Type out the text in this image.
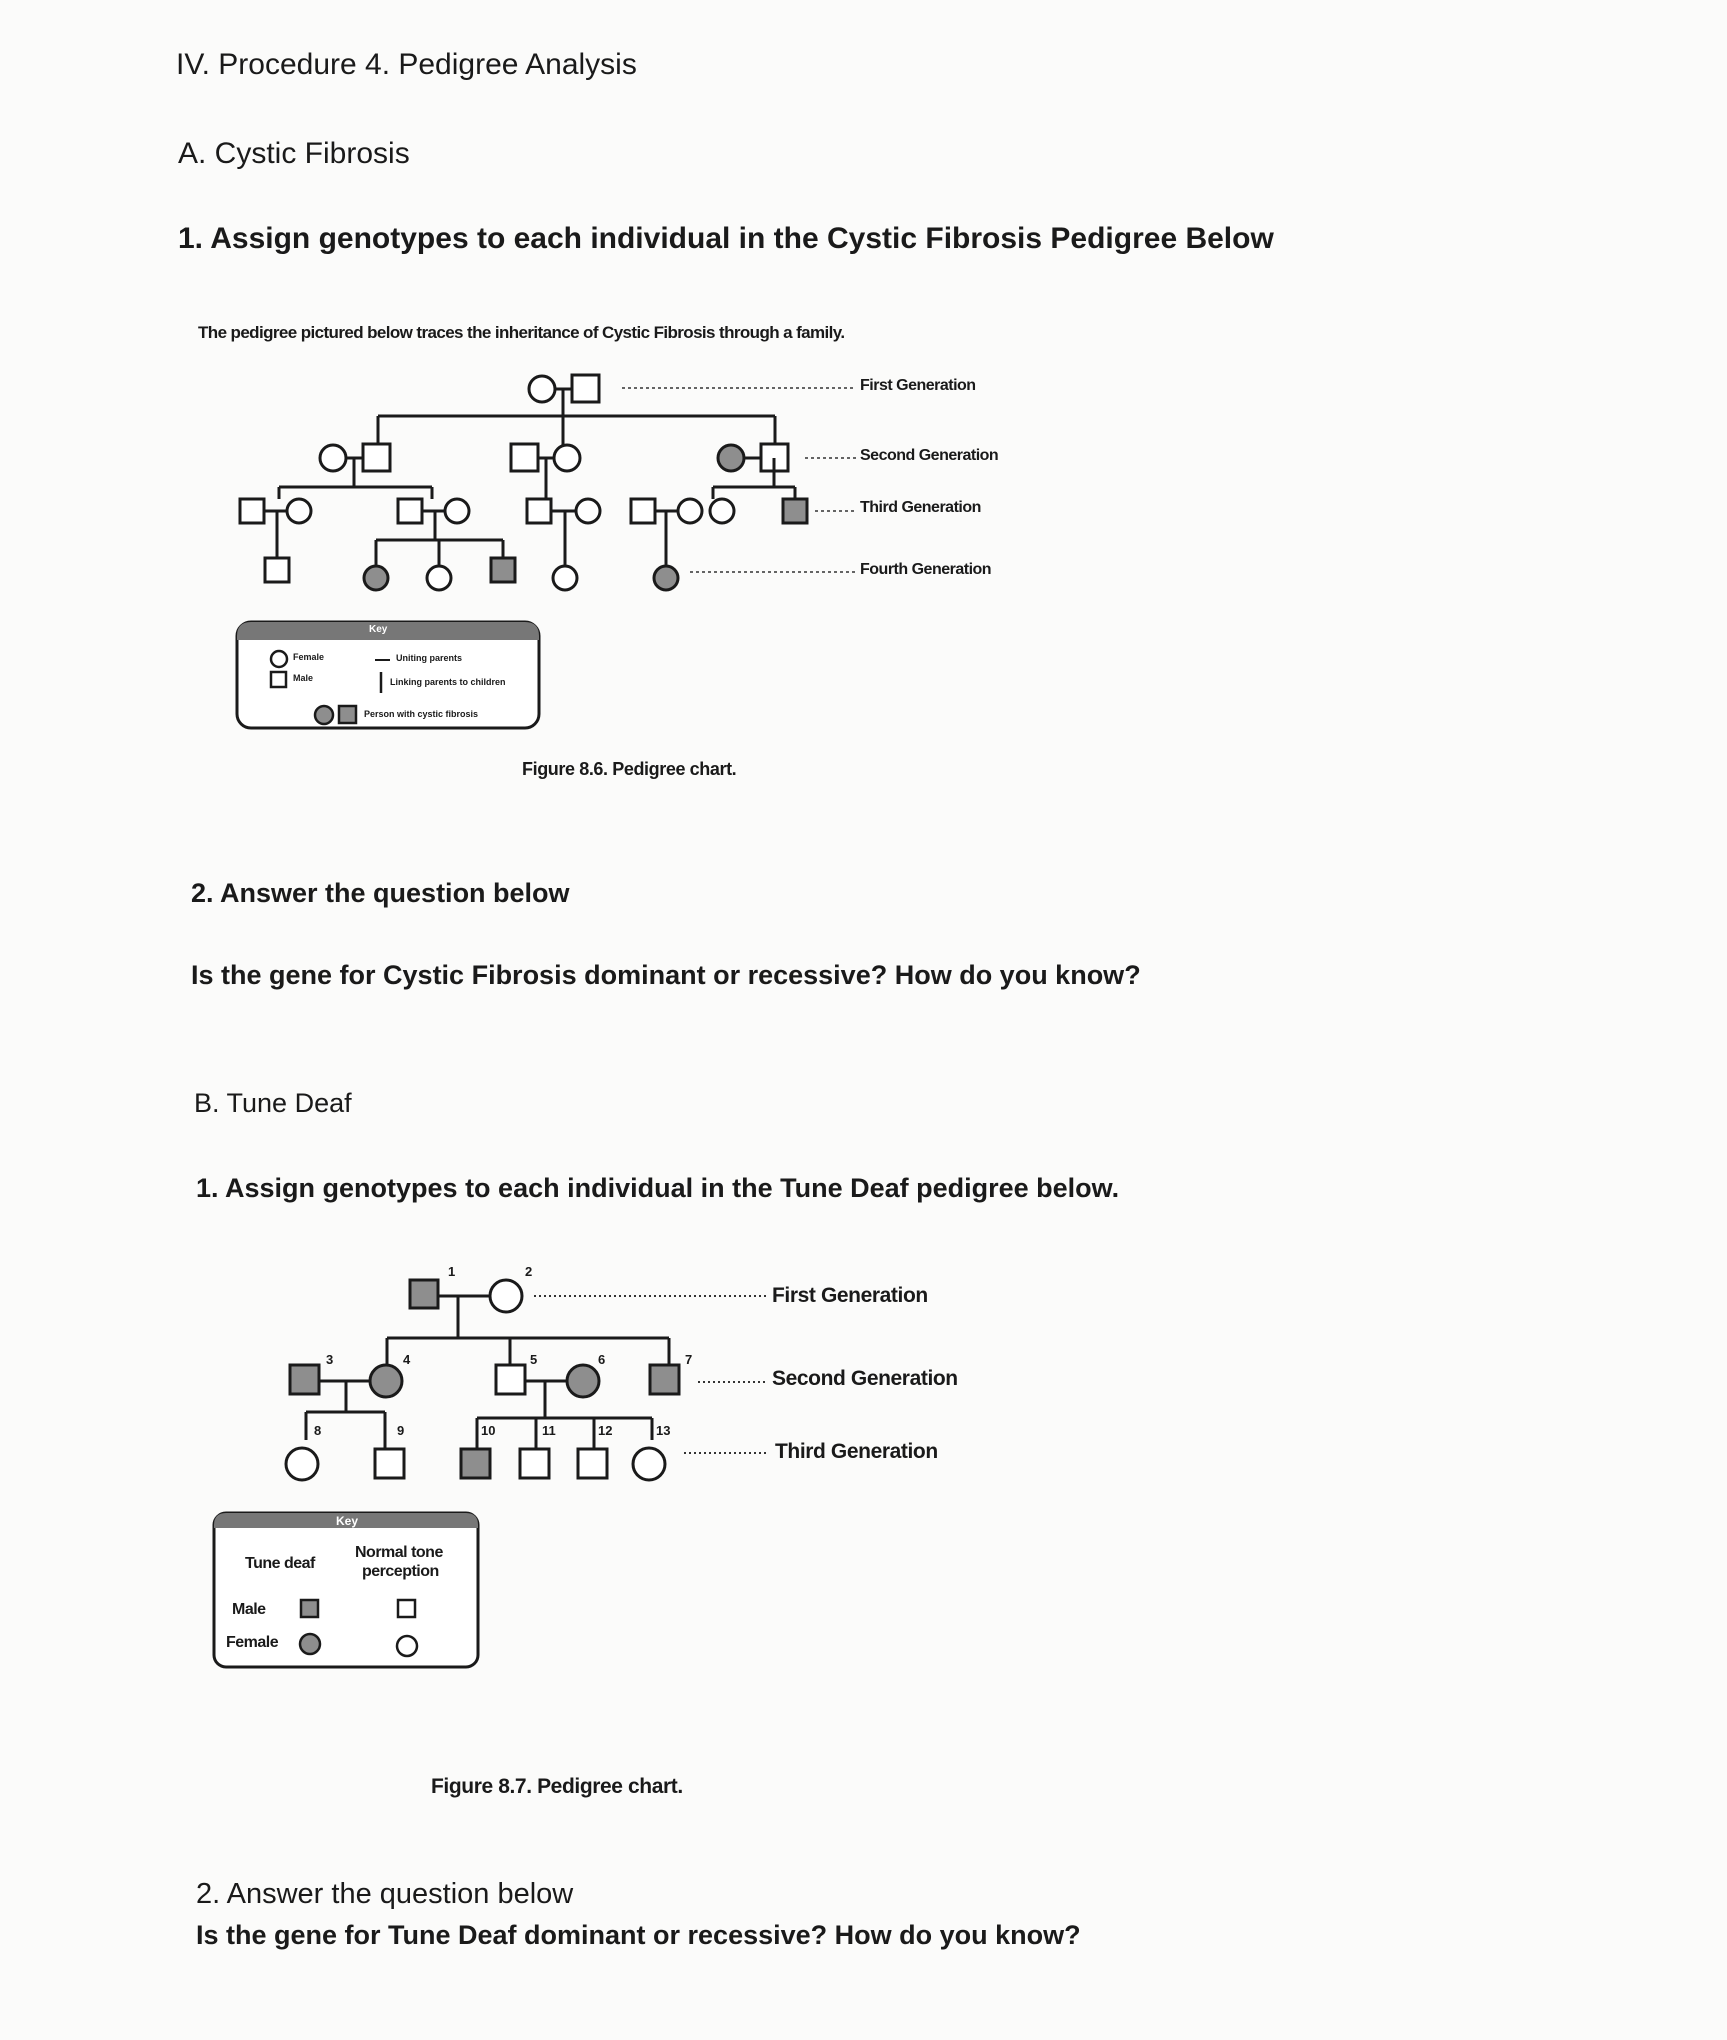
IV. Procedure 4. Pedigree Analysis
A. Cystic Fibrosis
1. Assign genotypes to each individual in the Cystic Fibrosis Pedigree Below
The pedigree pictured below traces the inheritance of Cystic Fibrosis through a family.
First Generation
Second Generation
Third Generation
Fourth Generation
Key
Female
Male
Uniting parents
Linking parents to children
Person with cystic fibrosis
Figure 8.6. Pedigree chart.
2. Answer the question below
Is the gene for Cystic Fibrosis dominant or recessive? How do you know?
B. Tune Deaf
1. Assign genotypes to each individual in the Tune Deaf pedigree below.
1	2
3	4	5	6	7
8	9	10	11	12	13
First Generation
Second Generation
Third Generation
Key
Tune deaf
Normal tone
perception
Male
Female
Figure 8.7. Pedigree chart.
2. Answer the question below
Is the gene for Tune Deaf dominant or recessive? How do you know?
